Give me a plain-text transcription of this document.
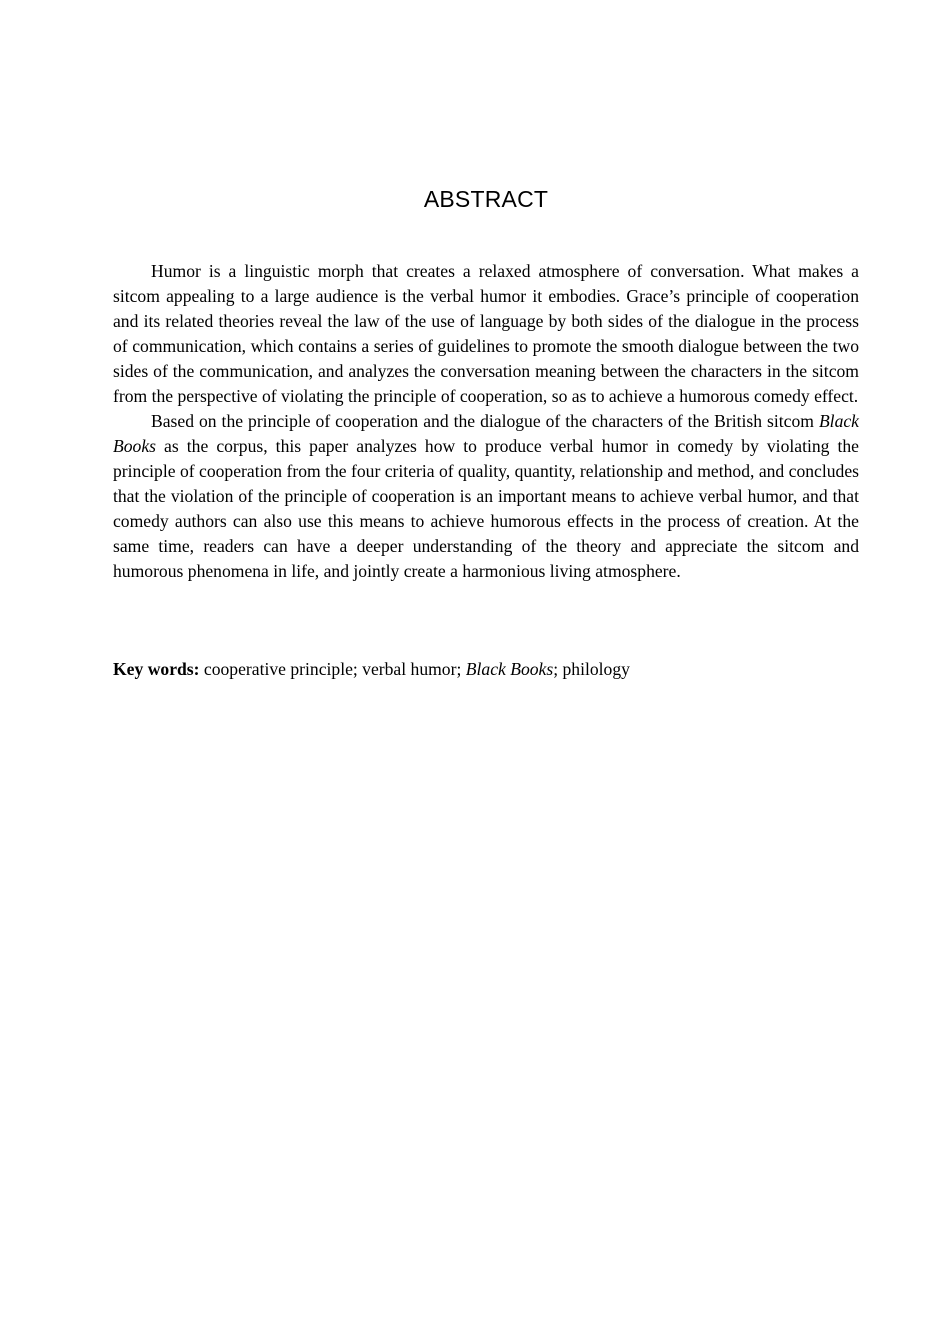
ABSTRACT

Humor is a linguistic morph that creates a relaxed atmosphere of conversation. What makes a sitcom appealing to a large audience is the verbal humor it embodies. Grace’s principle of cooperation and its related theories reveal the law of the use of language by both sides of the dialogue in the process of communication, which contains a series of guidelines to promote the smooth dialogue between the two sides of the communication, and analyzes the conversation meaning between the characters in the sitcom from the perspective of violating the principle of cooperation, so as to achieve a humorous comedy effect.

Based on the principle of cooperation and the dialogue of the characters of the British sitcom Black Books as the corpus, this paper analyzes how to produce verbal humor in comedy by violating the principle of cooperation from the four criteria of quality, quantity, relationship and method, and concludes that the violation of the principle of cooperation is an important means to achieve verbal humor, and that comedy authors can also use this means to achieve humorous effects in the process of creation. At the same time, readers can have a deeper understanding of the theory and appreciate the sitcom and humorous phenomena in life, and jointly create a harmonious living atmosphere.

Key words: cooperative principle; verbal humor; Black Books; philology
